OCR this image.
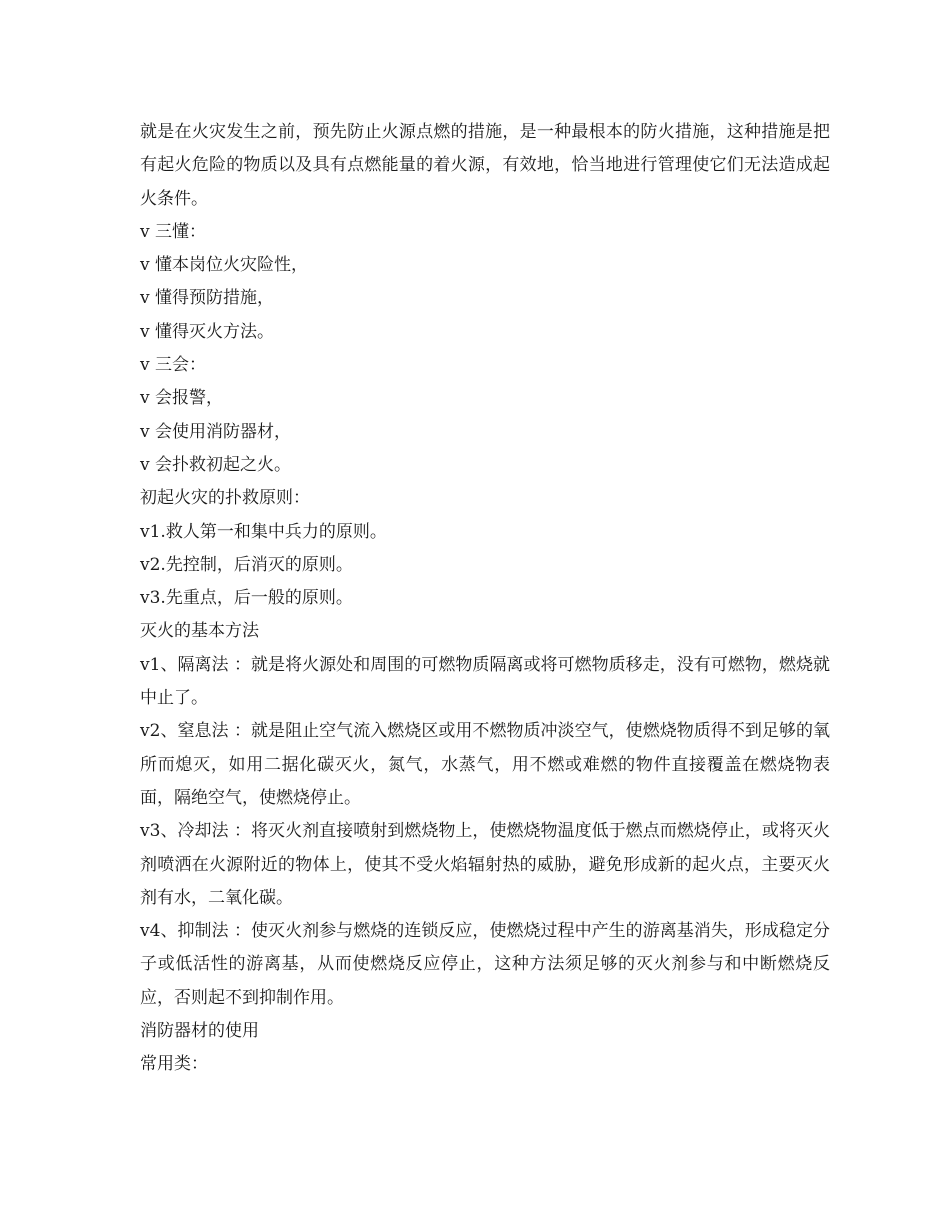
就是在火灾发生之前，预先防止火源点燃的措施，是一种最根本的防火措施，这种措施是把有起火危险的物质以及具有点燃能量的着火源，有效地，恰当地进行管理使它们无法造成起火条件。

v 三懂：

v 懂本岗位火灾险性，

v 懂得预防措施，

v 懂得灭火方法。

v 三会：

v 会报警，

v 会使用消防器材，

v 会扑救初起之火。

初起火灾的扑救原则：

v1.救人第一和集中兵力的原则。

v2.先控制，后消灭的原则。

v3.先重点，后一般的原则。

灭火的基本方法

v1、隔离法 ：就是将火源处和周围的可燃物质隔离或将可燃物质移走，没有可燃物，燃烧就中止了。

v2、窒息法 ：就是阻止空气流入燃烧区或用不燃物质冲淡空气，使燃烧物质得不到足够的氧所而熄灭，如用二据化碳灭火，氮气，水蒸气，用不燃或难燃的物件直接覆盖在燃烧物表面，隔绝空气，使燃烧停止。

v3、冷却法 ：将灭火剂直接喷射到燃烧物上，使燃烧物温度低于燃点而燃烧停止，或将灭火剂喷洒在火源附近的物体上，使其不受火焰辐射热的威胁，避免形成新的起火点，主要灭火剂有水，二氧化碳。

v4、抑制法 ：使灭火剂参与燃烧的连锁反应，使燃烧过程中产生的游离基消失，形成稳定分子或低活性的游离基，从而使燃烧反应停止，这种方法须足够的灭火剂参与和中断燃烧反应，否则起不到抑制作用。

消防器材的使用

常用类：
